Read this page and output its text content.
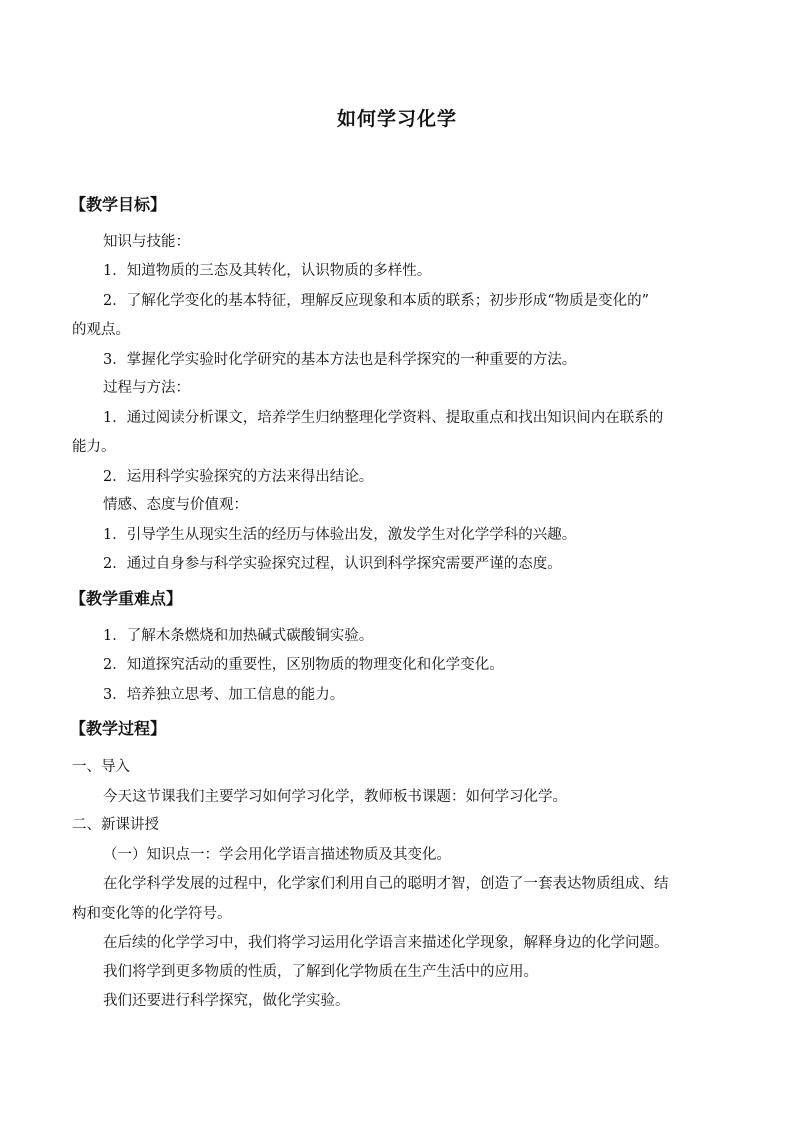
如何学习化学
【教学目标】
知识与技能：
1．知道物质的三态及其转化，认识物质的多样性。
2．了解化学变化的基本特征，理解反应现象和本质的联系；初步形成“物质是变化的”
的观点。
3．掌握化学实验时化学研究的基本方法也是科学探究的一种重要的方法。
过程与方法：
1．通过阅读分析课文，培养学生归纳整理化学资料、提取重点和找出知识间内在联系的
能力。
2．运用科学实验探究的方法来得出结论。
情感、态度与价值观：
1．引导学生从现实生活的经历与体验出发，激发学生对化学学科的兴趣。
2．通过自身参与科学实验探究过程，认识到科学探究需要严谨的态度。
【教学重难点】
1．了解木条燃烧和加热碱式碳酸铜实验。
2．知道探究活动的重要性，区别物质的物理变化和化学变化。
3．培养独立思考、加工信息的能力。
【教学过程】
一、导入
今天这节课我们主要学习如何学习化学，教师板书课题：如何学习化学。
二、新课讲授
（一）知识点一：学会用化学语言描述物质及其变化。
在化学科学发展的过程中，化学家们利用自己的聪明才智，创造了一套表达物质组成、结
构和变化等的化学符号。
在后续的化学学习中，我们将学习运用化学语言来描述化学现象，解释身边的化学问题。
我们将学到更多物质的性质，了解到化学物质在生产生活中的应用。
我们还要进行科学探究，做化学实验。
